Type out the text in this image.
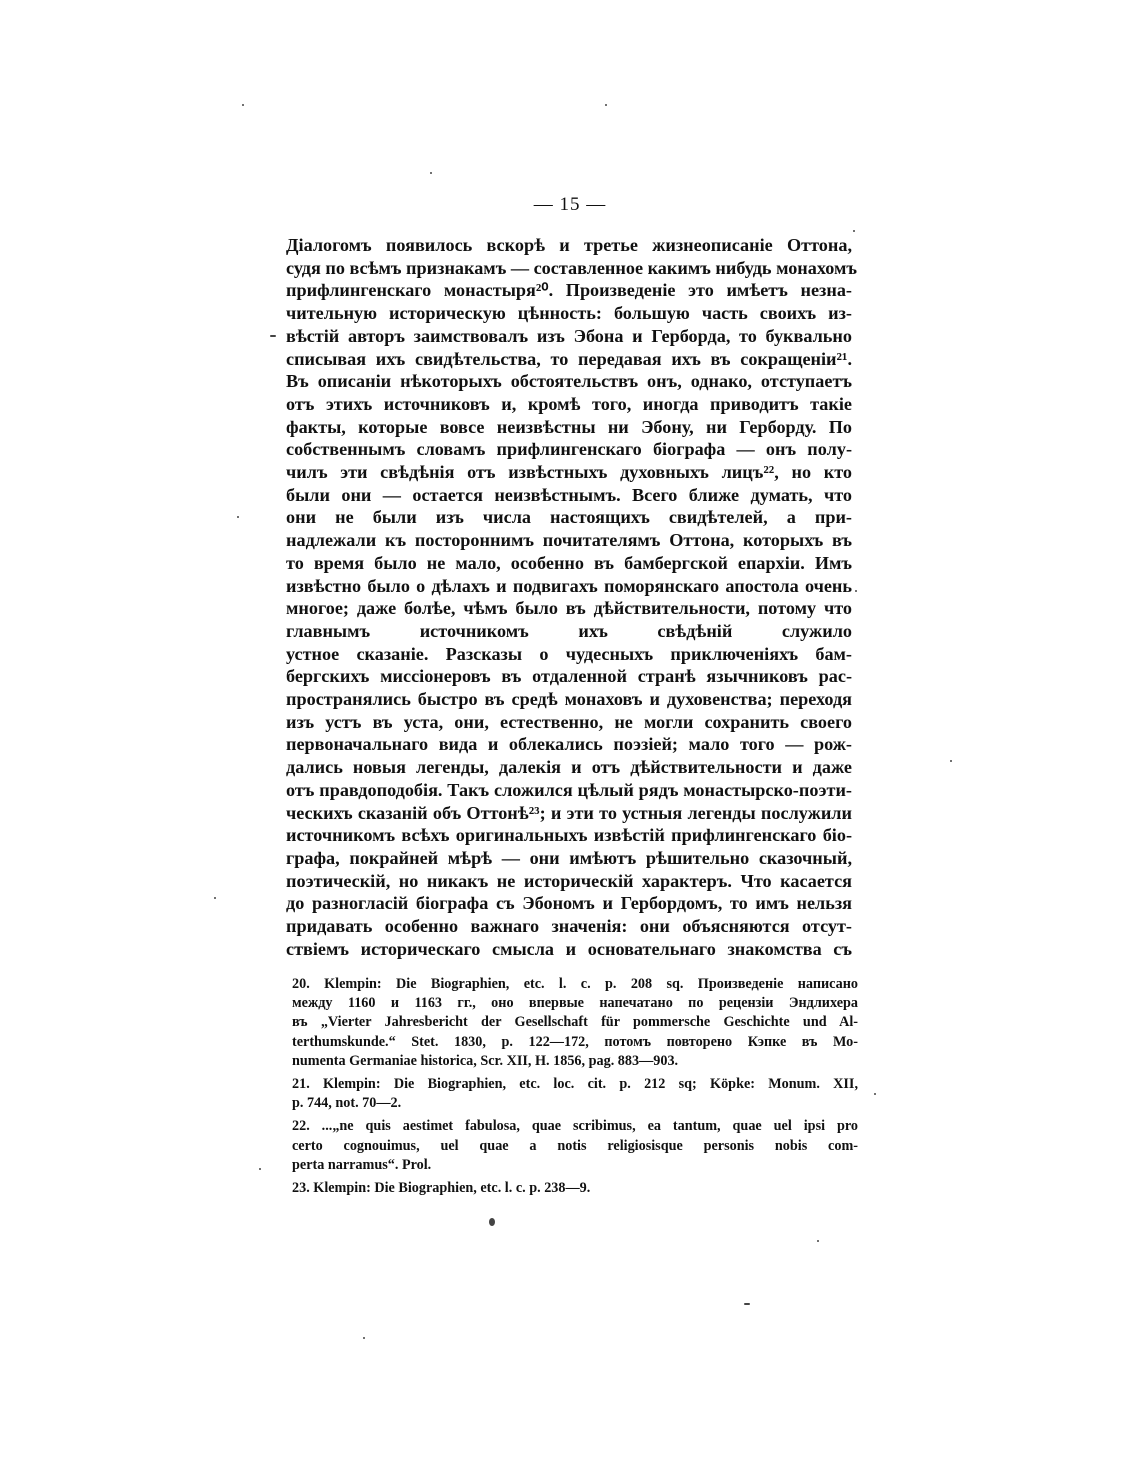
— 15 —
Діалогомъ появилось вскорѣ и третье жизнеописаніе Оттона,
судя по всѣмъ признакамъ — составленное какимъ нибудь монахомъ
прифлингенскаго монастыря²⁰. Произведеніе это имѣетъ незна-
чительную историческую цѣнность: большую часть своихъ из-
вѣстій авторъ заимствовалъ изъ Эбона и Герборда, то буквально
списывая ихъ свидѣтельства, то передавая ихъ въ сокращеніи²¹.
Въ описаніи нѣкоторыхъ обстоятельствъ онъ, однако, отступаетъ
отъ этихъ источниковъ и, кромѣ того, иногда приводитъ такіе
факты, которые вовсе неизвѣстны ни Эбону, ни Герборду. По
собственнымъ словамъ прифлингенскаго біографа — онъ полу-
чилъ эти свѣдѣнія отъ извѣстныхъ духовныхъ лицъ²², но кто
были они — остается неизвѣстнымъ. Всего ближе думать, что
они не были изъ числа настоящихъ свидѣтелей, а при-
надлежали къ постороннимъ почитателямъ Оттона, которыхъ въ
то время было не мало, особенно въ бамбергской епархіи. Имъ
извѣстно было о дѣлахъ и подвигахъ поморянскаго апостола очень
многое; даже болѣе, чѣмъ было въ дѣйствительности, потому что
главнымъ источникомъ ихъ свѣдѣній служило
устное сказаніе. Разсказы о чудесныхъ приключеніяхъ бам-
бергскихъ миссіонеровъ въ отдаленной странѣ язычниковъ рас-
пространялись быстро въ средѣ монаховъ и духовенства; переходя
изъ устъ въ уста, они, естественно, не могли сохранить своего
первоначальнаго вида и облекались поэзіей; мало того — рож-
дались новыя легенды, далекія и отъ дѣйствительности и даже
отъ правдоподобія. Такъ сложился цѣлый рядъ монастырско-поэти-
ческихъ сказаній объ Оттонѣ²³; и эти то устныя легенды послужили
источникомъ всѣхъ оригинальныхъ извѣстій прифлингенскаго біо-
графа, покрайней мѣрѣ — они имѣютъ рѣшительно сказочный,
поэтическій, но никакъ не историческій характеръ. Что касается
до разногласій біографа съ Эбономъ и Гербордомъ, то имъ нельзя
придавать особенно важнаго значенія: они объясняются отсут-
ствіемъ историческаго смысла и основательнаго знакомства съ
20. Klempin: Die Biographien, etc. l. c. p. 208 sq. Произведеніе написано
между 1160 и 1163 гг., оно впервые напечатано по рецензіи Эндлихера
въ „Vierter Jahresbericht der Gesellschaft für pommersche Geschichte und Al-
terthumskunde.“ Stet. 1830, p. 122—172, потомъ повторено Кэпке въ Мо-
numenta Germaniae historica, Scr. XII, H. 1856, pag. 883—903.
21. Klempin: Die Biographien, etc. loc. cit. p. 212 sq; Köpke: Monum. XII,
p. 744, not. 70—2.
22. ...„ne quis aestimet fabulosa, quae scribimus, ea tantum, quae uel ipsi pro
certo cognouimus, uel quae a notis religiosisque personis nobis com-
perta narramus“. Prol.
23. Klempin: Die Biographien, etc. l. c. p. 238—9.
